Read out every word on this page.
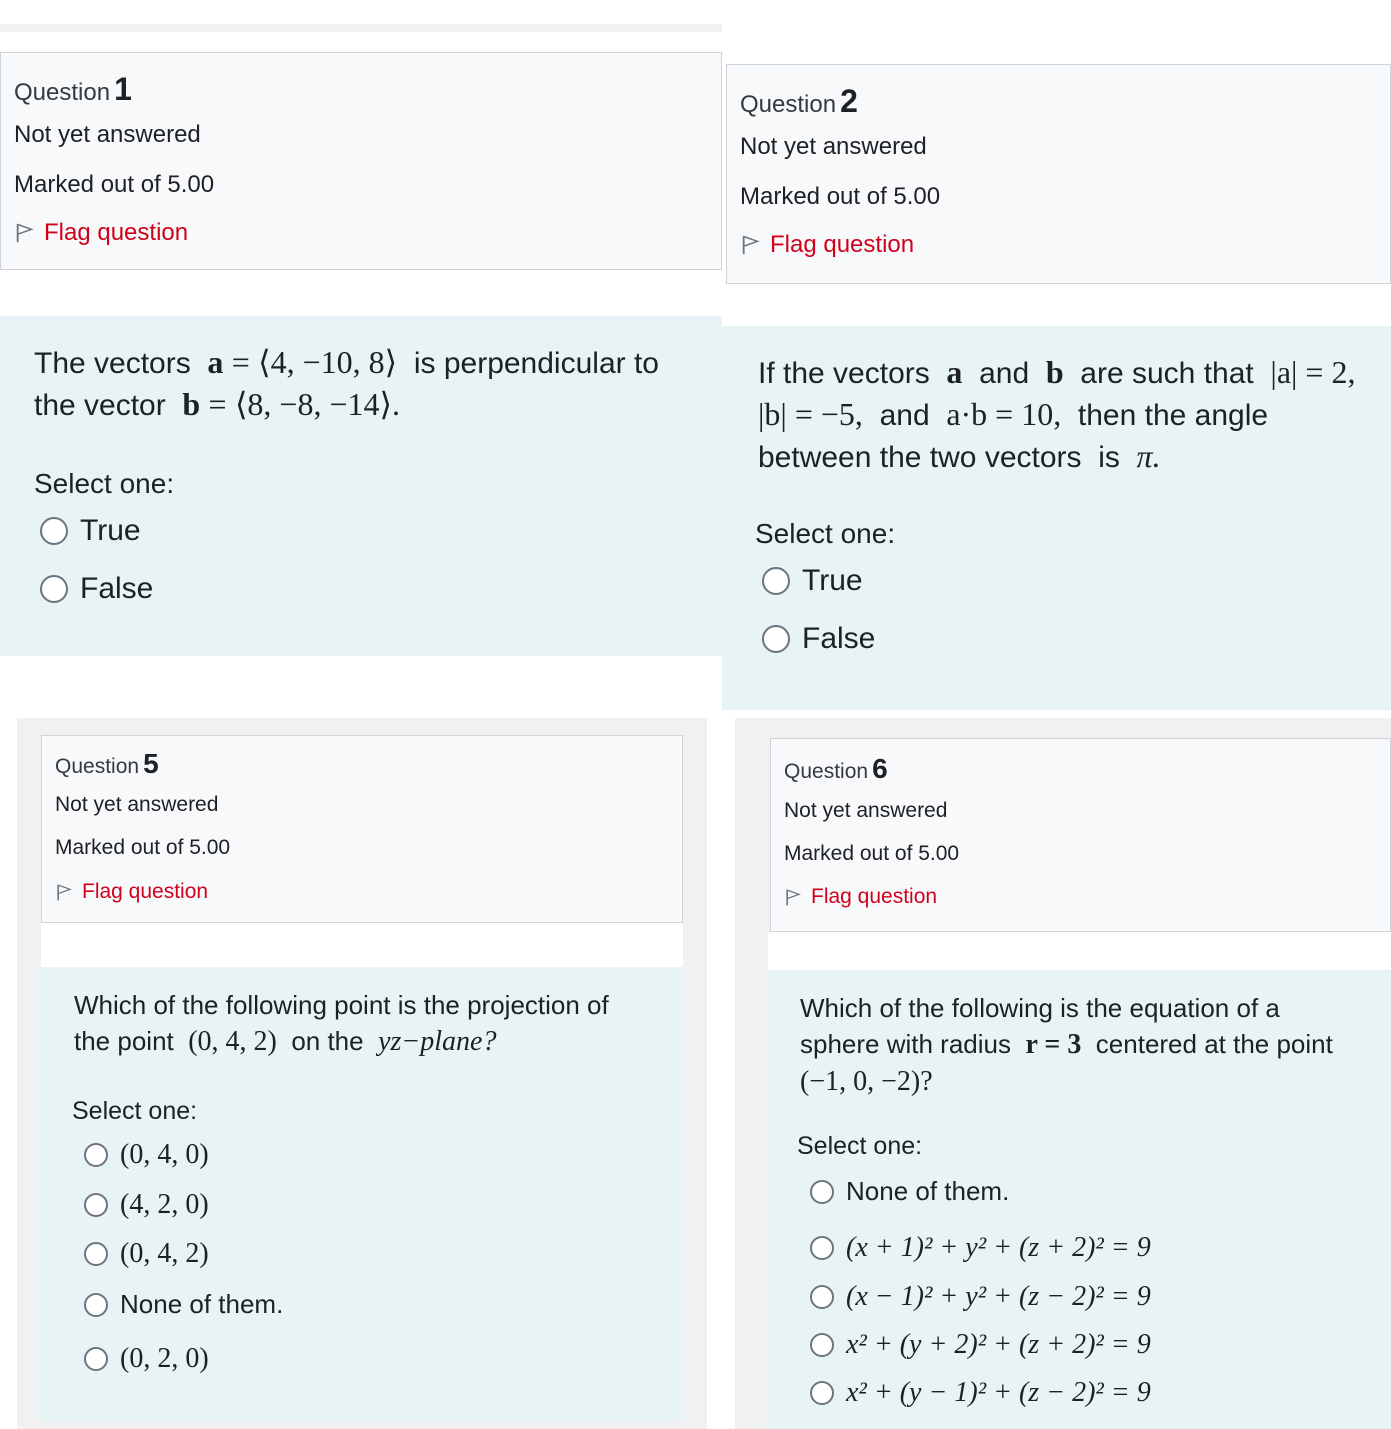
Question 1
Not yet answered
Marked out of 5.00
Flag question
The vectors a = ⟨4, −10, 8⟩ is perpendicular to
the vector b = ⟨8, −8, −14⟩.
Select one:
True
False
Question 2
Not yet answered
Marked out of 5.00
Flag question
If the vectors a and b are such that |a| = 2,
|b| = −5, and a·b = 10, then the angle
between the two vectors is π.
Select one:
True
False
Question 5
Not yet answered
Marked out of 5.00
Flag question
Which of the following point is the projection of
the point (0, 4, 2) on the yz−plane?
Select one:
(0, 4, 0)
(4, 2, 0)
(0, 4, 2)
None of them.
(0, 2, 0)
Question 6
Not yet answered
Marked out of 5.00
Flag question
Which of the following is the equation of a
sphere with radius r = 3 centered at the point
(−1, 0, −2)?
Select one:
None of them.
(x + 1)² + y² + (z + 2)² = 9
(x − 1)² + y² + (z − 2)² = 9
x² + (y + 2)² + (z + 2)² = 9
x² + (y − 1)² + (z − 2)² = 9
